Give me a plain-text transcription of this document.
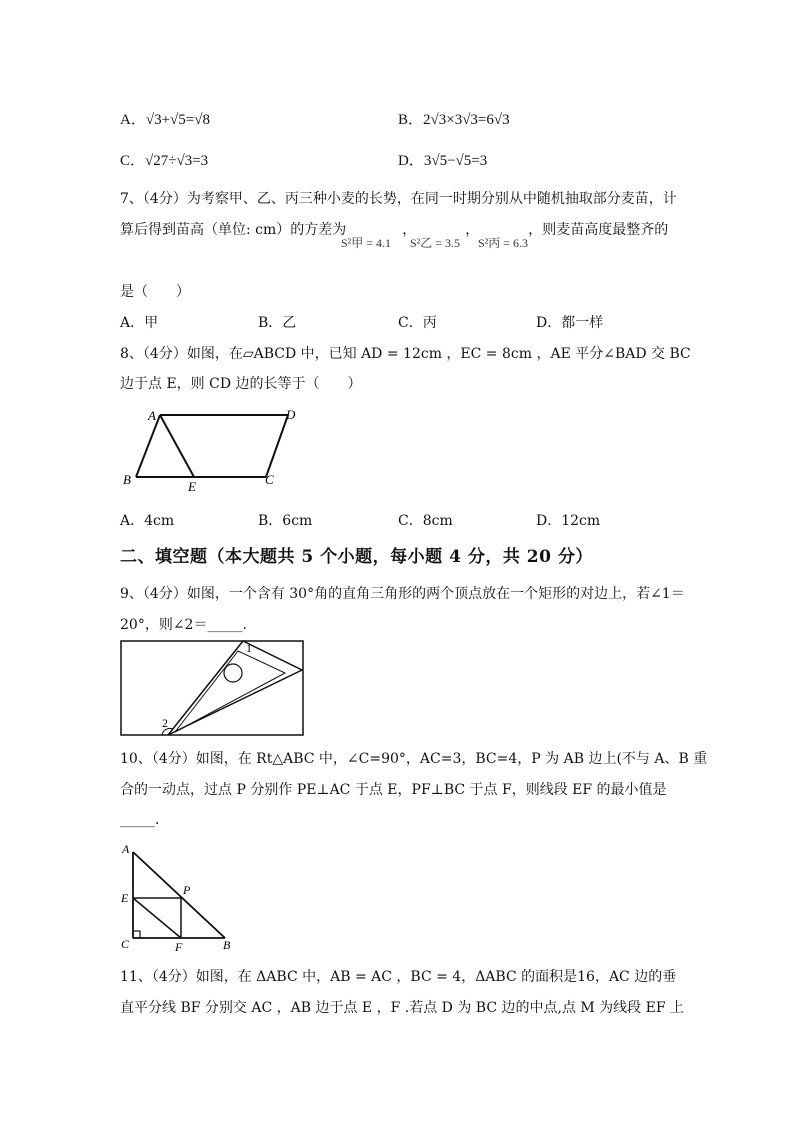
A．√3+√5=√8	B．2√3×3√3=6√3
C．√27÷√3=3	D．3√5−√5=3
7、（4分）为考察甲、乙、丙三种小麦的长势，在同一时期分别从中随机抽取部分麦苗，计
算后得到苗高（单位: cm）的方差为　　　　，　　　　，　　　　，则麦苗高度最整齐的
S²甲 = 4.1 S²乙 = 3.5 S²丙 = 6.3
是（　　）
A．甲	B．乙	C．丙	D．都一样
8、（4分）如图，在▱ABCD 中，已知 AD = 12cm ，EC = 8cm ，AE 平分∠BAD 交 BC
边于点 E，则 CD 边的长等于（　　）
A	D
B	E	C
A．4cm	B．6cm	C．8cm	D．12cm
二、填空题（本大题共 5 个小题，每小题 4 分，共 20 分）
9、（4分）如图，一个含有 30°角的直角三角形的两个顶点放在一个矩形的对边上，若∠1＝
20°，则∠2＝_____.
1
2
10、（4分）如图，在 Rt△ABC 中，∠C=90°，AC=3，BC=4，P 为 AB 边上(不与 A、B 重
合的一动点，过点 P 分别作 PE⊥AC 于点 E，PF⊥BC 于点 F，则线段 EF 的最小值是
_____.
A
E
P
C	F	B
11、（4分）如图，在 ΔABC 中，AB = AC ，BC = 4，ΔABC 的面积是16，AC 边的垂
直平分线 BF 分别交 AC ，AB 边于点 E ，F .若点 D 为 BC 边的中点,点 M 为线段 EF 上
